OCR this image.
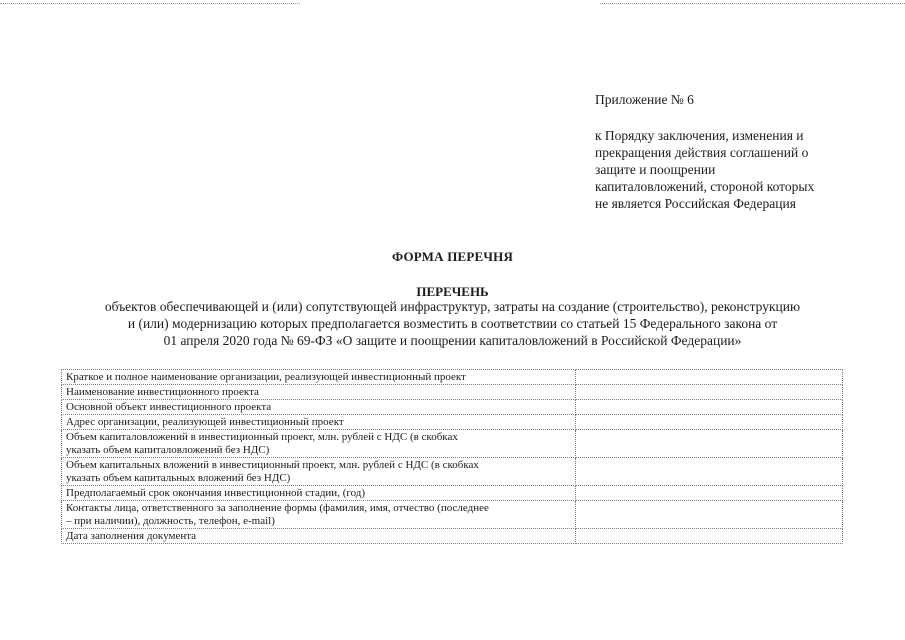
Приложение № 6
к Порядку заключения, изменения и
прекращения действия соглашений о
защите и поощрении
капиталовложений, стороной которых
не является Российская Федерация
ФОРМА ПЕРЕЧНЯ
ПЕРЕЧЕНЬ
объектов обеспечивающей и (или) сопутствующей инфраструктур, затраты на создание (строительство), реконструкцию
и (или) модернизацию которых предполагается возместить в соответствии со статьей 15 Федерального закона от
01 апреля 2020 года № 69-ФЗ «О защите и поощрении капиталовложений в Российской Федерации»
Краткое и полное наименование организации, реализующей инвестиционный проект	

Наименование инвестиционного проекта	

Основной объект инвестиционного проекта	

Адрес организации, реализующей инвестиционный проект	

Объем капиталовложений в инвестиционный проект, млн. рублей с НДС (в скобках
указать объем капиталовложений без НДС)	

Объем капитальных вложений в инвестиционный проект, млн. рублей с НДС (в скобках
указать объем капитальных вложений без НДС)	

Предполагаемый срок окончания инвестиционной стадии, (год)	

Контакты лица, ответственного за заполнение формы (фамилия, имя, отчество (последнее
– при наличии), должность, телефон, e-mail)	

Дата заполнения документа	
